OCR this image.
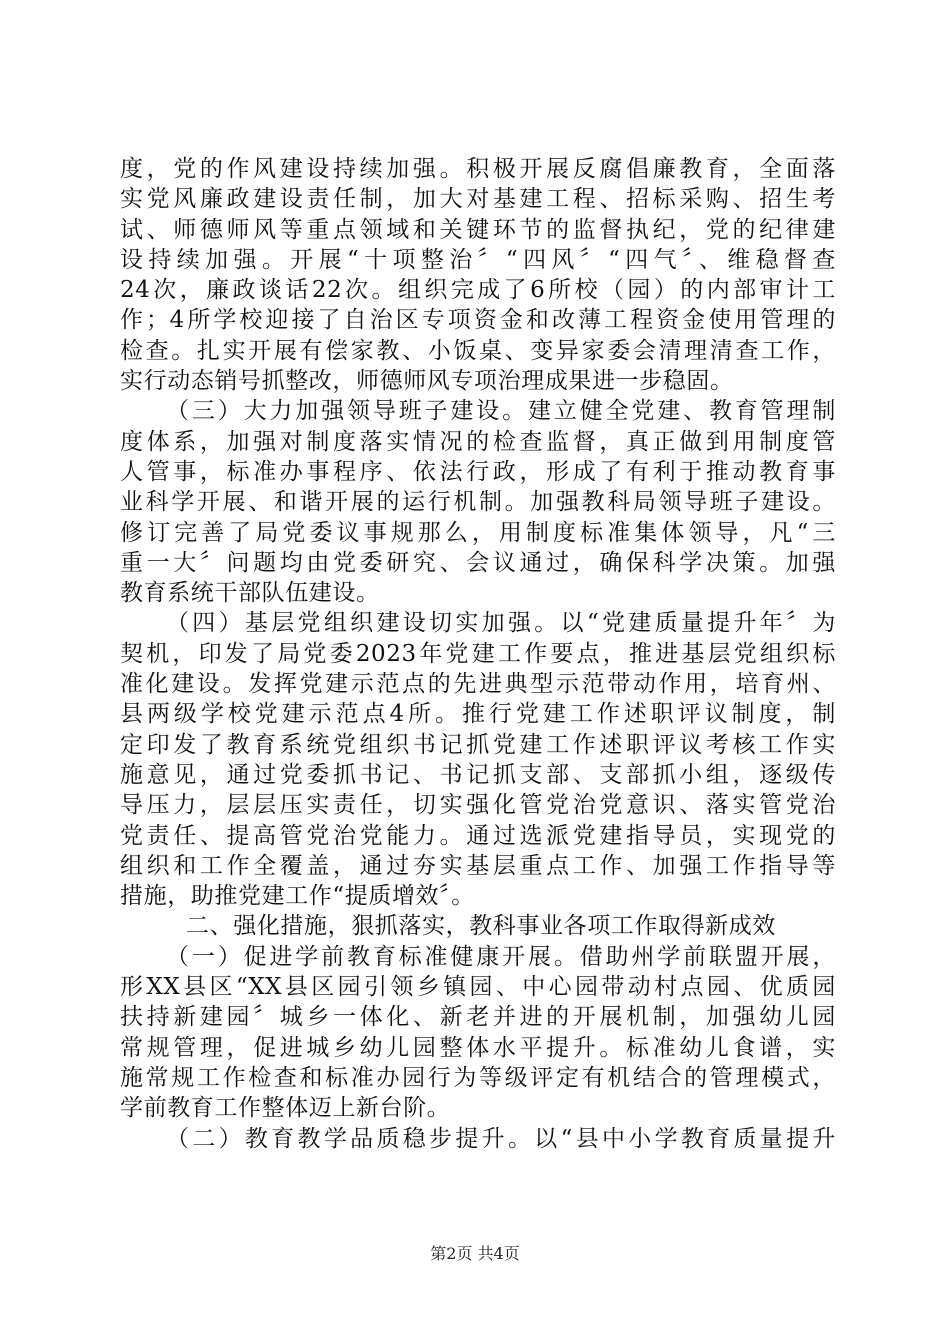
度，党的作风建设持续加强。积极开展反腐倡廉教育，全面落
实党风廉政建设责任制，加大对基建工程、招标采购、招生考
试、师德师风等重点领域和关键环节的监督执纪，党的纪律建
设持续加强。开展“十项整治〞“四风〞“四气〞、维稳督查
24次，廉政谈话22次。组织完成了6所校（园）的内部审计工
作；4所学校迎接了自治区专项资金和改薄工程资金使用管理的
检查。扎实开展有偿家教、小饭桌、变异家委会清理清查工作，
实行动态销号抓整改，师德师风专项治理成果进一步稳固。
（三）大力加强领导班子建设。建立健全党建、教育管理制
度体系，加强对制度落实情况的检查监督，真正做到用制度管
人管事，标准办事程序、依法行政，形成了有利于推动教育事
业科学开展、和谐开展的运行机制。加强教科局领导班子建设。
修订完善了局党委议事规那么，用制度标准集体领导，凡“三
重一大〞问题均由党委研究、会议通过，确保科学决策。加强
教育系统干部队伍建设。
（四）基层党组织建设切实加强。以“党建质量提升年〞为
契机，印发了局党委2023年党建工作要点，推进基层党组织标
准化建设。发挥党建示范点的先进典型示范带动作用，培育州、
县两级学校党建示范点4所。推行党建工作述职评议制度，制
定印发了教育系统党组织书记抓党建工作述职评议考核工作实
施意见，通过党委抓书记、书记抓支部、支部抓小组，逐级传
导压力，层层压实责任，切实强化管党治党意识、落实管党治
党责任、提高管党治党能力。通过选派党建指导员，实现党的
组织和工作全覆盖，通过夯实基层重点工作、加强工作指导等
措施，助推党建工作“提质增效〞。
二、强化措施，狠抓落实，教科事业各项工作取得新成效
（一）促进学前教育标准健康开展。借助州学前联盟开展，
形XX县区“XX县区园引领乡镇园、中心园带动村点园、优质园
扶持新建园〞城乡一体化、新老并进的开展机制，加强幼儿园
常规管理，促进城乡幼儿园整体水平提升。标准幼儿食谱，实
施常规工作检查和标准办园行为等级评定有机结合的管理模式，
学前教育工作整体迈上新台阶。
（二）教育教学品质稳步提升。以“县中小学教育质量提升
第2页 共4页
